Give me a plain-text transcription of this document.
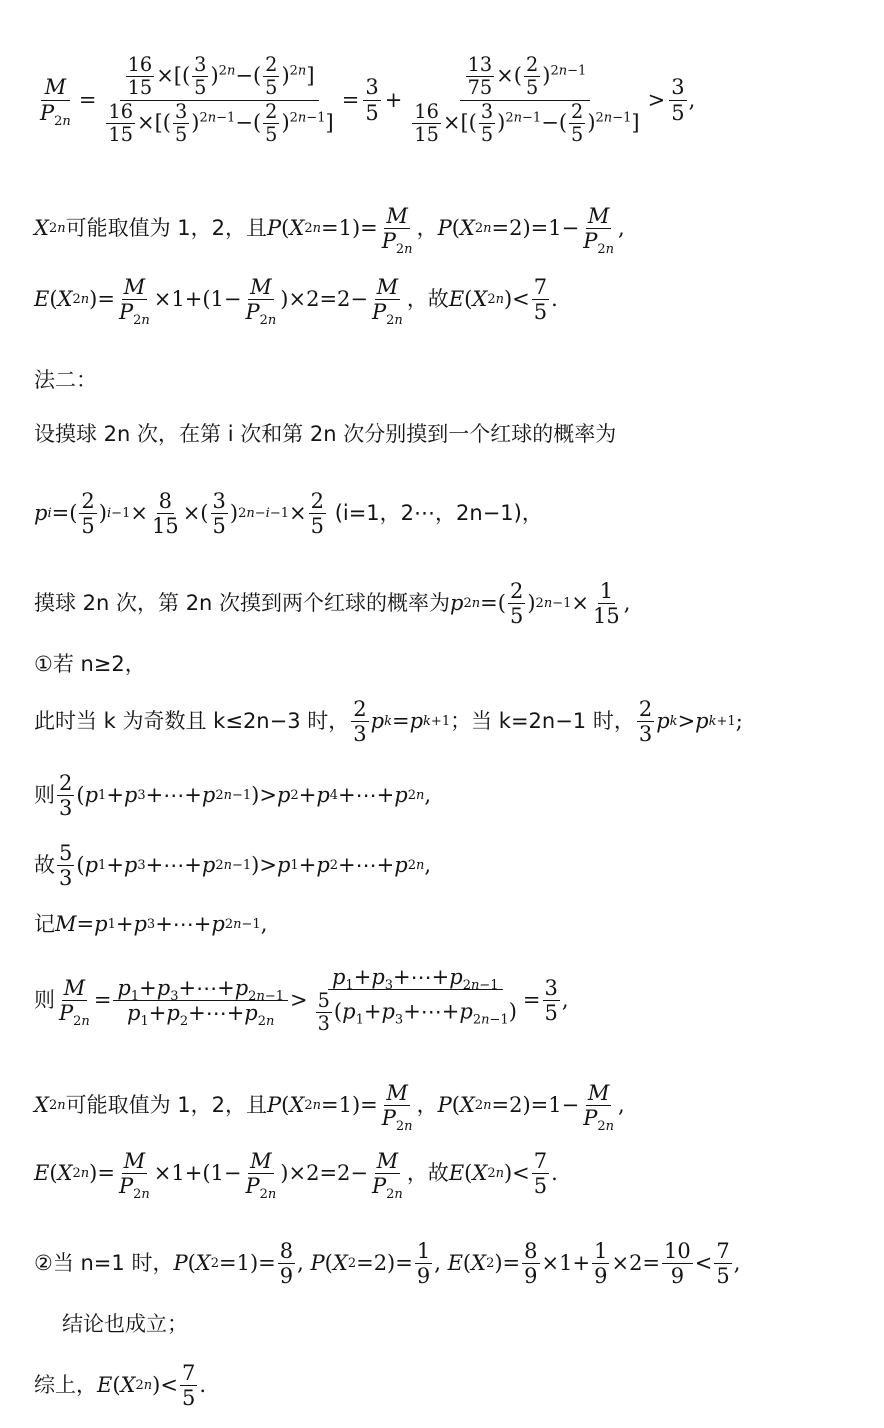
$\frac{M}{P_{2n}} = \frac{\frac{16}{15} \times[( \frac{3}{5} )^{2n}-( \frac{2}{5} )^{2n}]}{\frac{16}{15} \times[( \frac{3}{5} )^{2n-1}-( \frac{2}{5} )^{2n-1}]} = \frac{3}{5} + \frac{\frac{13}{75} \times( \frac{2}{5} )^{2n-1}}{\frac{16}{15} \times[( \frac{3}{5} )^{2n-1}-( \frac{2}{5} )^{2n-1}]} > \frac{3}{5}$ ,
X 2n 可能取值为 1，2，且 P ( X $2n =1)= \frac{M}{P_{2n}}$ ， P ( X $2n =2)=1- \frac{M}{P_{2n}}$ ,
E ( X 2n )= $\frac{M}{P_{2n}} \times 1+(1- \frac{M}{P_{2n}} )\times 2=2- \frac{M}{P_{2n}}$ ，故 E ( X 2n )< $\frac{7}{5}$ .
法二：
设摸球 2n 次，在第 i 次和第 2n 次分别摸到一个红球的概率为
p i =( $\frac{2}{5}$ ) $i-1 \times \frac{8}{15}$ ×( $\frac{3}{5}$ ) $2n-i-1 \times \frac{2}{5}$
(i=1，2⋯，2n−1)，
摸球 2n 次，第 2n 次摸到两个红球的概率为 p 2n =( $\frac{2}{5}$ ) $2n-1 \times \frac{1}{15}$ ,
①若 n≥2，
此时当 k 为奇数且 k≤2n−3 时， $\frac{2}{3}$ p k = p k+1 ；当 k=2n−1 时， $\frac{2}{3}$ p k > p k+1 ;
则 $\frac{2}{3}$ ( p 1 + p 3 +⋯+ p 2n−1 )> p 2 + p 4 +⋯+ p 2n ,
故 $\frac{5}{3}$ ( p 1 + p 3 +⋯+ p 2n−1 )> p 1 + p 2 +⋯+ p 2n ,
记 M = p 1 + p 3 +⋯+ p 2n−1 ,
则 $\frac{M}{P_{2n}} = \frac{p_1+p_3+\cdots+p_{2n-1}}{p_1+p_2+\cdots+p_{2n}} > \frac{p_1+p_3+\cdots+p_{2n-1}}{\frac{5}{3} (p_1+p_3+\cdots+p_{2n-1})} = \frac{3}{5}$ ,
X 2n 可能取值为 1，2，且 P ( X $2n =1)= \frac{M}{P_{2n}}$ ， P ( X $2n =2)=1- \frac{M}{P_{2n}}$ ,
E ( X 2n )= $\frac{M}{P_{2n}} \times 1+(1- \frac{M}{P_{2n}} )\times 2=2- \frac{M}{P_{2n}}$ ，故 E ( X 2n )< $\frac{7}{5}$ .
②当 n=1 时， P ( X $2 =1)= \frac{8}{9}$ , P ( X $2 =2)= \frac{1}{9}$ , E ( X 2 )= $\frac{8}{9} \times 1+ \frac{1}{9} \times 2= \frac{10}{9} < \frac{7}{5}$ ,
结论也成立；
综上， E ( X 2n )< $\frac{7}{5}$ .
